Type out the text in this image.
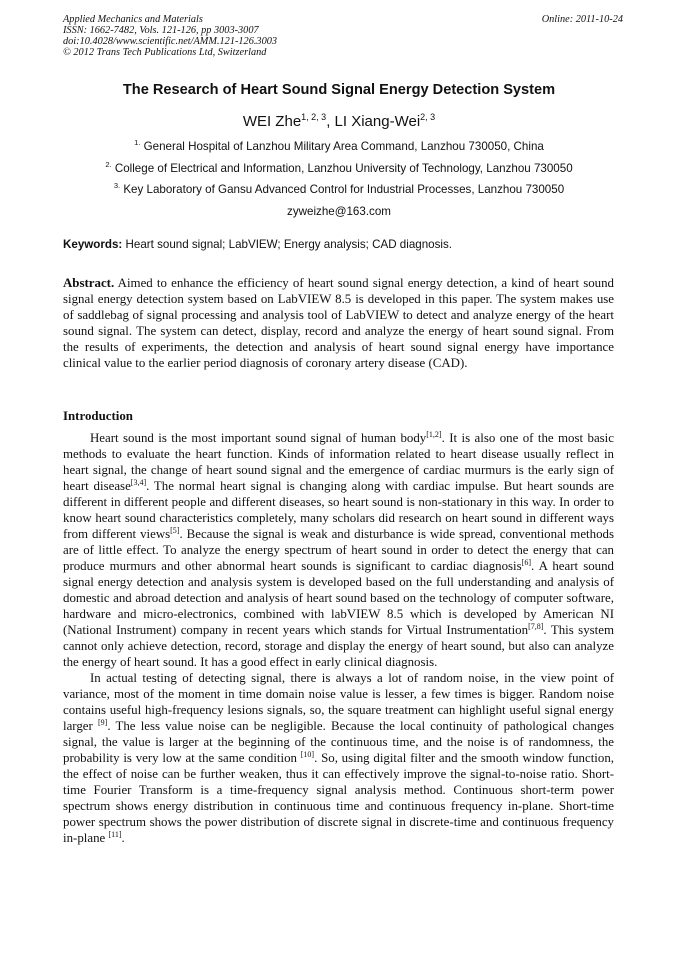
Applied Mechanics and Materials
ISSN: 1662-7482, Vols. 121-126, pp 3003-3007
doi:10.4028/www.scientific.net/AMM.121-126.3003
© 2012 Trans Tech Publications Ltd, Switzerland
Online: 2011-10-24
The Research of Heart Sound Signal Energy Detection System
WEI Zhe$^{1, 2, 3}$, LI Xiang-Wei$^{2, 3}$
$^{1.}$ General Hospital of Lanzhou Military Area Command, Lanzhou 730050, China
$^{2.}$ College of Electrical and Information, Lanzhou University of Technology, Lanzhou 730050
$^{3.}$ Key Laboratory of Gansu Advanced Control for Industrial Processes, Lanzhou 730050
zyweizhe@163.com
Keywords: Heart sound signal; LabVIEW; Energy analysis; CAD diagnosis.

Abstract. Aimed to enhance the efficiency of heart sound signal energy detection, a kind of heart sound signal energy detection system based on LabVIEW 8.5 is developed in this paper. The system makes use of saddlebag of signal processing and analysis tool of LabVIEW to detect and analyze energy of the heart sound signal. The system can detect, display, record and analyze the energy of heart sound signal. From the results of experiments, the detection and analysis of heart sound signal energy have importance clinical value to the earlier period diagnosis of coronary artery disease (CAD).

Introduction

Heart sound is the most important sound signal of human body[1,2]. It is also one of the most basic methods to evaluate the heart function. Kinds of information related to heart disease usually reflect in heart signal, the change of heart sound signal and the emergence of cardiac murmurs is the early sign of heart disease[3,4]. The normal heart signal is changing along with cardiac impulse. But heart sounds are different in different people and different diseases, so heart sound is non-stationary in this way. In order to know heart sound characteristics completely, many scholars did research on heart sound in different ways from different views[5]. Because the signal is weak and disturbance is wide spread, conventional methods are of little effect. To analyze the energy spectrum of heart sound in order to detect the energy that can produce murmurs and other abnormal heart sounds is significant to cardiac diagnosis[6]. A heart sound signal energy detection and analysis system is developed based on the full understanding and analysis of domestic and abroad detection and analysis of heart sound based on the technology of computer software, hardware and micro-electronics, combined with labVIEW 8.5 which is developed by American NI (National Instrument) company in recent years which stands for Virtual Instrumentation[7,8]. This system cannot only achieve detection, record, storage and display the energy of heart sound, but also can analyze the energy of heart sound. It has a good effect in early clinical diagnosis.

In actual testing of detecting signal, there is always a lot of random noise, in the view point of variance, most of the moment in time domain noise value is lesser, a few times is bigger. Random noise contains useful high-frequency lesions signals, so, the square treatment can highlight useful signal energy larger [9]. The less value noise can be negligible. Because the local continuity of pathological changes signal, the value is larger at the beginning of the continuous time, and the noise is of randomness, the probability is very low at the same condition [10]. So, using digital filter and the smooth window function, the effect of noise can be further weaken, thus it can effectively improve the signal-to-noise ratio. Short-time Fourier Transform is a time-frequency signal analysis method. Continuous short-term power spectrum shows energy distribution in continuous time and continuous frequency in-plane. Short-time power spectrum shows the power distribution of discrete signal in discrete-time and continuous frequency in-plane [11].
